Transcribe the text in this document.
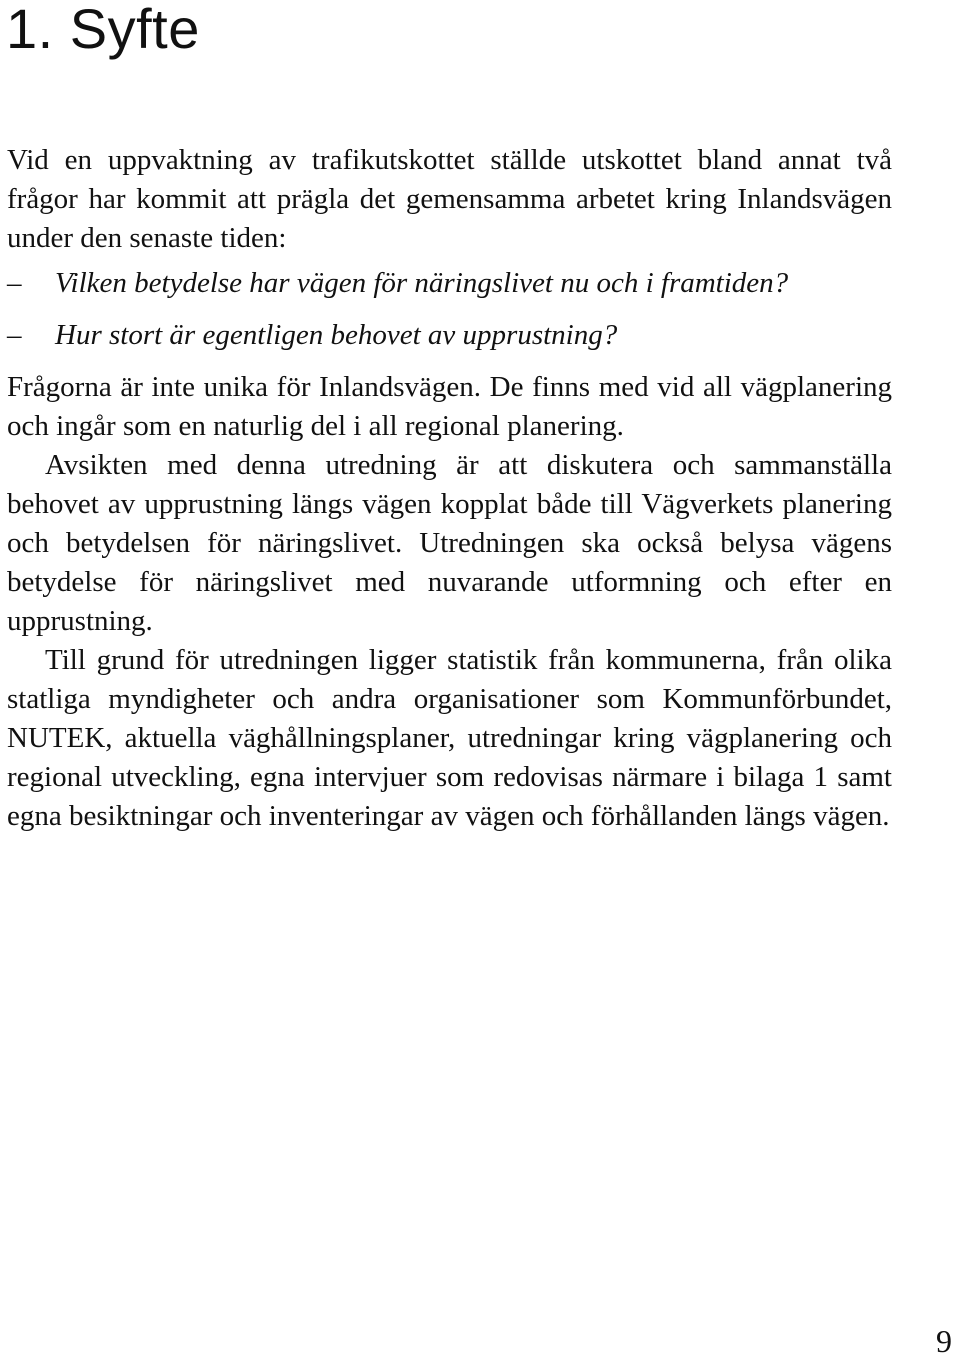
1. Syfte

Vid en uppvaktning av trafikutskottet ställde utskottet bland annat två frågor har kommit att prägla det gemensamma arbetet kring Inlandsvägen under den senaste tiden:

– Vilken betydelse har vägen för näringslivet nu och i framtiden?
– Hur stort är egentligen behovet av upprustning?

Frågorna är inte unika för Inlandsvägen. De finns med vid all vägplanering och ingår som en naturlig del i all regional planering.

Avsikten med denna utredning är att diskutera och sammanställa behovet av upprustning längs vägen kopplat både till Vägverkets planering och betydelsen för näringslivet. Utredningen ska också belysa vägens betydelse för näringslivet med nuvarande utformning och efter en upprustning.

Till grund för utredningen ligger statistik från kommunerna, från olika statliga myndigheter och andra organisationer som Kommunförbundet, NUTEK, aktuella väghållningsplaner, utredningar kring vägplanering och regional utveckling, egna intervjuer som redovisas närmare i bilaga 1 samt egna besiktningar och inventeringar av vägen och förhållanden längs vägen.

9
